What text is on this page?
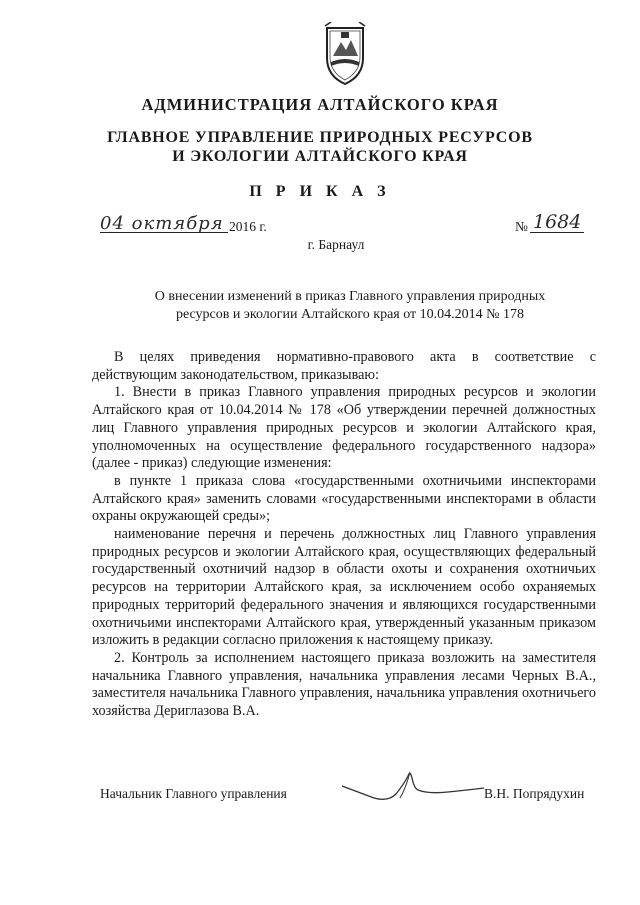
АДМИНИСТРАЦИЯ АЛТАЙСКОГО КРАЯ
ГЛАВНОЕ УПРАВЛЕНИЕ ПРИРОДНЫХ РЕСУРСОВ
И ЭКОЛОГИИ АЛТАЙСКОГО КРАЯ
П Р И К А З
04 октября 2016 г.	№ 1684
г. Барнаул
О внесении изменений в приказ Главного управления природных
ресурсов и экологии Алтайского края от 10.04.2014 № 178

В целях приведения нормативно-правового акта в соответствие с действующим законодательством, приказываю:

1. Внести в приказ Главного управления природных ресурсов и экологии Алтайского края от 10.04.2014 № 178 «Об утверждении перечней должностных лиц Главного управления природных ресурсов и экологии Алтайского края, уполномоченных на осуществление федерального государственного надзора» (далее - приказ) следующие изменения:

в пункте 1 приказа слова «государственными охотничьими инспекторами Алтайского края» заменить словами «государственными инспекторами в области охраны окружающей среды»;

наименование перечня и перечень должностных лиц Главного управления природных ресурсов и экологии Алтайского края, осуществляющих федеральный государственный охотничий надзор в области охоты и сохранения охотничьих ресурсов на территории Алтайского края, за исключением особо охраняемых природных территорий федерального значения и являющихся государственными охотничьими инспекторами Алтайского края, утвержденный указанным приказом изложить в редакции согласно приложения к настоящему приказу.

2. Контроль за исполнением настоящего приказа возложить на заместителя начальника Главного управления, начальника управления лесами Черных В.А., заместителя начальника Главного управления, начальника управления охотничьего хозяйства Дериглазова В.А.

Начальник Главного управления	В.Н. Попрядухин
